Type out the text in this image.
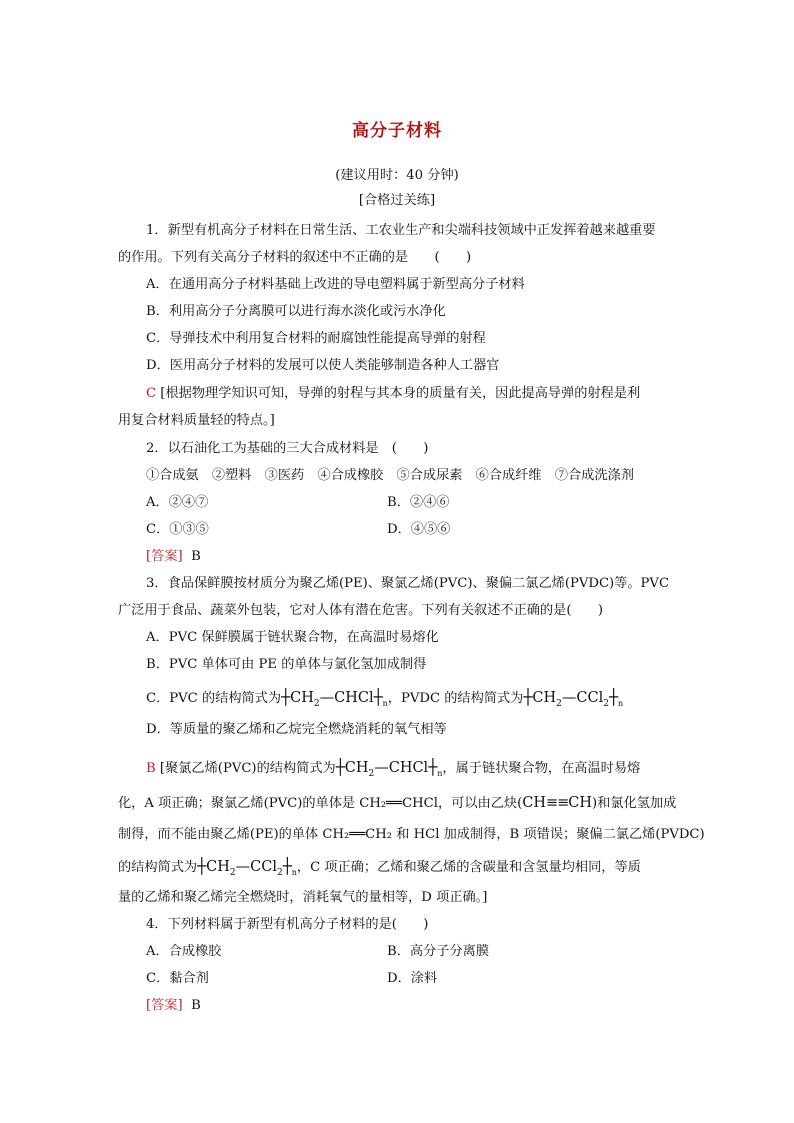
高分子材料
(建议用时：40 分钟)
[合格过关练]
1．新型有机高分子材料在日常生活、工农业生产和尖端科技领域中正发挥着越来越重要
的作用。下列有关高分子材料的叙述中不正确的是　　(　　)
A．在通用高分子材料基础上改进的导电塑料属于新型高分子材料
B．利用高分子分离膜可以进行海水淡化或污水净化
C．导弹技术中利用复合材料的耐腐蚀性能提高导弹的射程
D．医用高分子材料的发展可以使人类能够制造各种人工器官
C [根据物理学知识可知，导弹的射程与其本身的质量有关，因此提高导弹的射程是利
用复合材料质量轻的特点。]
2．以石油化工为基础的三大合成材料是　(　　)
①合成氨　②塑料　③医药　④合成橡胶　⑤合成尿素　⑥合成纤维　⑦合成洗涤剂
A．②④⑦	B．②④⑥
C．①③⑤	D．④⑤⑥
[答案] B
3．食品保鲜膜按材质分为聚乙烯(PE)、聚氯乙烯(PVC)、聚偏二氯乙烯(PVDC)等。PVC
广泛用于食品、蔬菜外包装，它对人体有潜在危害。下列有关叙述不正确的是(　　)
A．PVC 保鲜膜属于链状聚合物，在高温时易熔化
B．PVC 单体可由 PE 的单体与氯化氢加成制得
C．PVC 的结构简式为$┼CH_2—CHCl┼_n$，PVDC 的结构简式为$┼CH_2—CCl_2┼_n$
D．等质量的聚乙烯和乙烷完全燃烧消耗的氧气相等
B [聚氯乙烯(PVC)的结构简式为$┼CH_2—CHCl┼_n$，属于链状聚合物，在高温时易熔
化，A 项正确；聚氯乙烯(PVC)的单体是 CH₂══CHCl，可以由乙炔(CH≡≡CH)和氯化氢加成
制得，而不能由聚乙烯(PE)的单体 CH₂══CH₂ 和 HCl 加成制得，B 项错误；聚偏二氯乙烯(PVDC)
的结构简式为$┼CH_2—CCl_2┼_n$，C 项正确；乙烯和聚乙烯的含碳量和含氢量均相同，等质
量的乙烯和聚乙烯完全燃烧时，消耗氧气的量相等，D 项正确。]
4．下列材料属于新型有机高分子材料的是(　　)
A．合成橡胶	B．高分子分离膜
C．黏合剂	D．涂料
[答案] B
